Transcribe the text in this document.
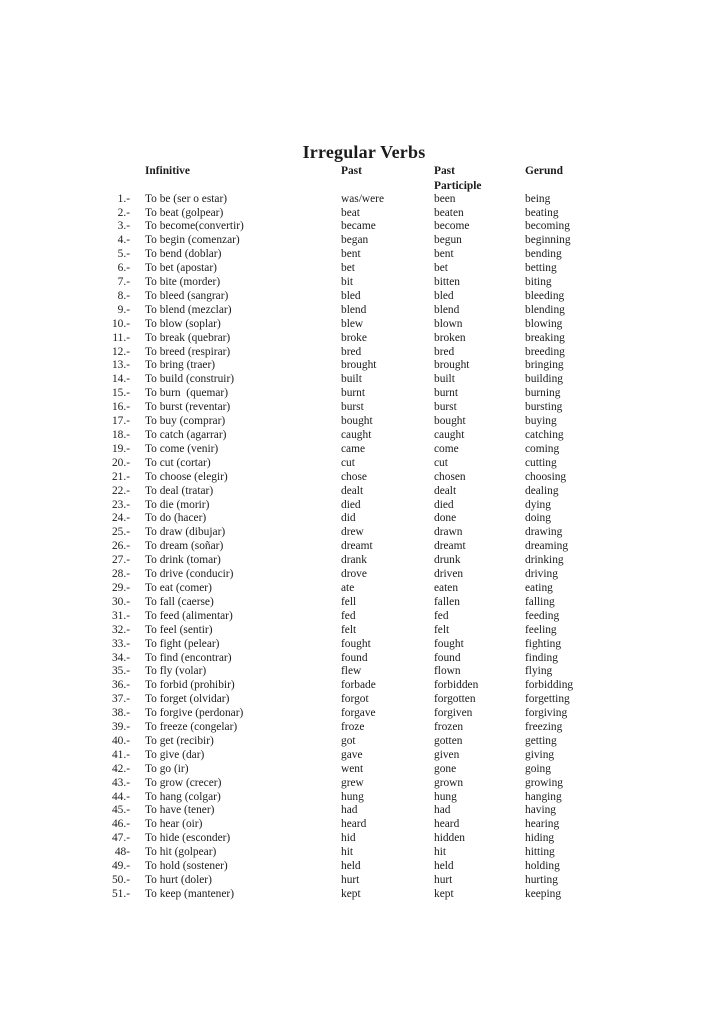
Irregular Verbs
	Infinitive	Past	Past	Gerund
			Participle	
1.-	To be (ser o estar)	was/were	been	being
2.-	To beat (golpear)	beat	beaten	beating
3.-	To become(convertir)	became	become	becoming
4.-	To begin (comenzar)	began	begun	beginning
5.-	To bend (doblar)	bent	bent	bending
6.-	To bet (apostar)	bet	bet	betting
7.-	To bite (morder)	bit	bitten	biting
8.-	To bleed (sangrar)	bled	bled	bleeding
9.-	To blend (mezclar)	blend	blend	blending
10.-	To blow (soplar)	blew	blown	blowing
11.-	To break (quebrar)	broke	broken	breaking
12.-	To breed (respirar)	bred	bred	breeding
13.-	To bring (traer)	brought	brought	bringing
14.-	To build (construir)	built	built	building
15.-	To burn  (quemar)	burnt	burnt	burning
16.-	To burst (reventar)	burst	burst	bursting
17.-	To buy (comprar)	bought	bought	buying
18.-	To catch (agarrar)	caught	caught	catching
19.-	To come (venir)	came	come	coming
20.-	To cut (cortar)	cut	cut	cutting
21.-	To choose (elegir)	chose	chosen	choosing
22.-	To deal (tratar)	dealt	dealt	dealing
23.-	To die (morir)	died	died	dying
24.-	To do (hacer)	did	done	doing
25.-	To draw (dibujar)	drew	drawn	drawing
26.-	To dream (soñar)	dreamt	dreamt	dreaming
27.-	To drink (tomar)	drank	drunk	drinking
28.-	To drive (conducir)	drove	driven	driving
29.-	To eat (comer)	ate	eaten	eating
30.-	To fall (caerse)	fell	fallen	falling
31.-	To feed (alimentar)	fed	fed	feeding
32.-	To feel (sentir)	felt	felt	feeling
33.-	To fight (pelear)	fought	fought	fighting
34.-	To find (encontrar)	found	found	finding
35.-	To fly (volar)	flew	flown	flying
36.-	To forbid (prohibir)	forbade	forbidden	forbidding
37.-	To forget (olvidar)	forgot	forgotten	forgetting
38.-	To forgive (perdonar)	forgave	forgiven	forgiving
39.-	To freeze (congelar)	froze	frozen	freezing
40.-	To get (recibir)	got	gotten	getting
41.-	To give (dar)	gave	given	giving
42.-	To go (ir)	went	gone	going
43.-	To grow (crecer)	grew	grown	growing
44.-	To hang (colgar)	hung	hung	hanging
45.-	To have (tener)	had	had	having
46.-	To hear (oir)	heard	heard	hearing
47.-	To hide (esconder)	hid	hidden	hiding
48-	To hit (golpear)	hit	hit	hitting
49.-	To hold (sostener)	held	held	holding
50.-	To hurt (doler)	hurt	hurt	hurting
51.-	To keep (mantener)	kept	kept	keeping
